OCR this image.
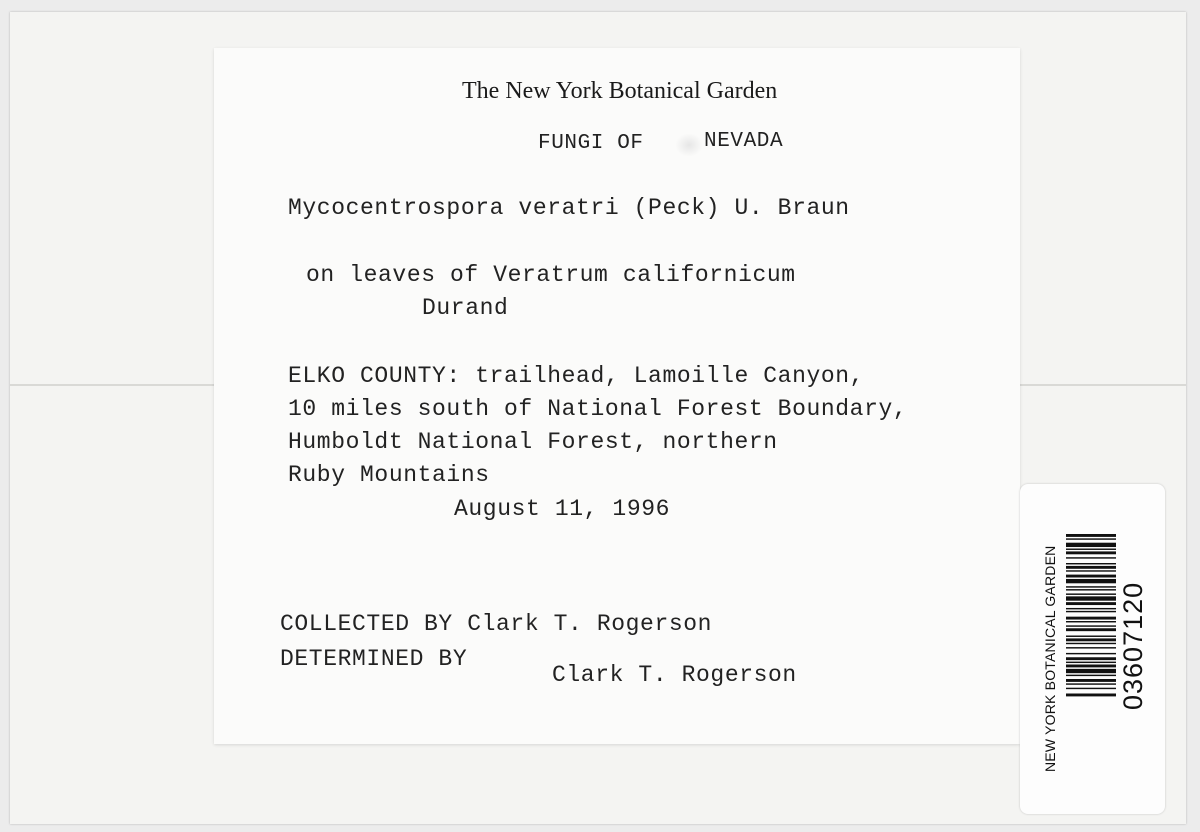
The New York Botanical Garden
FUNGI OF	NEVADA
Mycocentrospora veratri (Peck) U. Braun
on leaves of Veratrum californicum
Durand
ELKO COUNTY: trailhead, Lamoille Canyon,
10 miles south of National Forest Boundary,
Humboldt National Forest, northern
Ruby Mountains
August 11, 1996
COLLECTED BY Clark T. Rogerson
DETERMINED BY
Clark T. Rogerson	NEW YORK BOTANICAL GARDEN 03607120
